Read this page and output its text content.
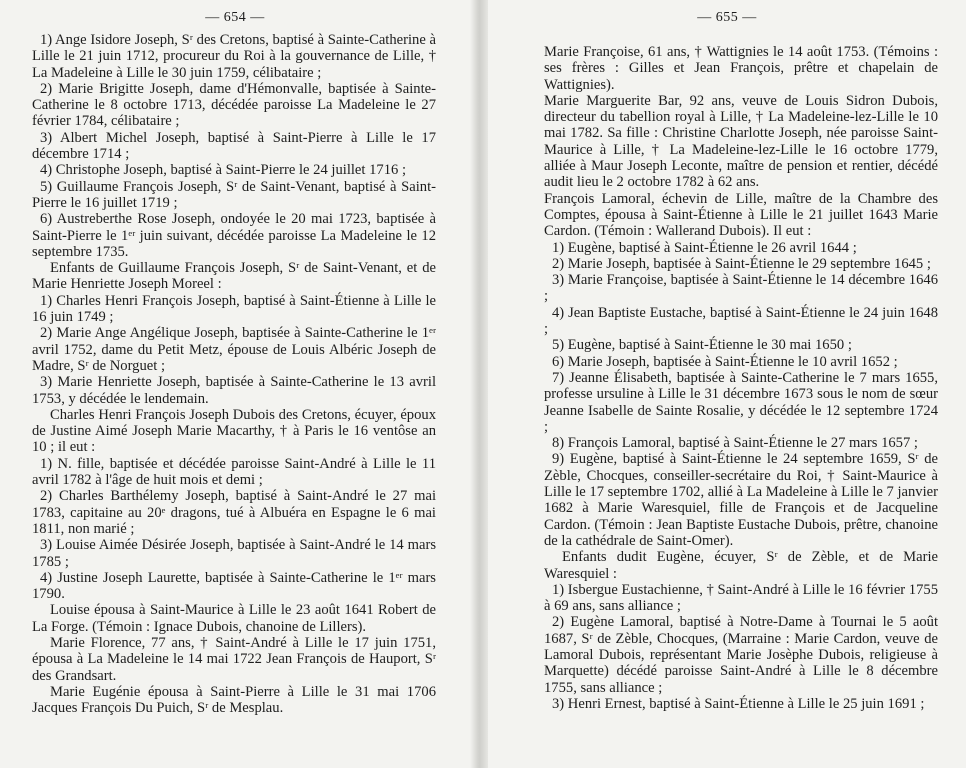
— 654 —

1) Ange Isidore Joseph, Sʳ des Cretons, baptisé à Sainte-Catherine à Lille le 21 juin 1712, procureur du Roi à la gouvernance de Lille, † La Madeleine à Lille le 30 juin 1759, célibataire ;

2) Marie Brigitte Joseph, dame d'Hémonvalle, baptisée à Sainte-Catherine le 8 octobre 1713, décédée paroisse La Madeleine le 27 février 1784, célibataire ;

3) Albert Michel Joseph, baptisé à Saint-Pierre à Lille le 17 décembre 1714 ;

4) Christophe Joseph, baptisé à Saint-Pierre le 24 juillet 1716 ;

5) Guillaume François Joseph, Sʳ de Saint-Venant, baptisé à Saint-Pierre le 16 juillet 1719 ;

6) Austreberthe Rose Joseph, ondoyée le 20 mai 1723, baptisée à Saint-Pierre le 1ᵉʳ juin suivant, décédée paroisse La Madeleine le 12 septembre 1735.

Enfants de Guillaume François Joseph, Sʳ de Saint-Venant, et de Marie Henriette Joseph Moreel :

1) Charles Henri François Joseph, baptisé à Saint-Étienne à Lille le 16 juin 1749 ;

2) Marie Ange Angélique Joseph, baptisée à Sainte-Catherine le 1ᵉʳ avril 1752, dame du Petit Metz, épouse de Louis Albéric Joseph de Madre, Sʳ de Norguet ;

3) Marie Henriette Joseph, baptisée à Sainte-Catherine le 13 avril 1753, y décédée le lendemain.

Charles Henri François Joseph Dubois des Cretons, écuyer, époux de Justine Aimé Joseph Marie Macarthy, † à Paris le 16 ventôse an 10 ; il eut :

1) N. fille, baptisée et décédée paroisse Saint-André à Lille le 11 avril 1782 à l'âge de huit mois et demi ;

2) Charles Barthélemy Joseph, baptisé à Saint-André le 27 mai 1783, capitaine au 20ᵉ dragons, tué à Albuéra en Espagne le 6 mai 1811, non marié ;

3) Louise Aimée Désirée Joseph, baptisée à Saint-André le 14 mars 1785 ;

4) Justine Joseph Laurette, baptisée à Sainte-Catherine le 1ᵉʳ mars 1790.

Louise épousa à Saint-Maurice à Lille le 23 août 1641 Robert de La Forge. (Témoin : Ignace Dubois, chanoine de Lillers).

Marie Florence, 77 ans, † Saint-André à Lille le 17 juin 1751, épousa à La Madeleine le 14 mai 1722 Jean François de Hauport, Sʳ des Grandsart.

Marie Eugénie épousa à Saint-Pierre à Lille le 31 mai 1706 Jacques François Du Puich, Sʳ de Mesplau.

— 655 —

Marie Françoise, 61 ans, † Wattignies le 14 août 1753. (Témoins : ses frères : Gilles et Jean François, prêtre et chapelain de Wattignies).

Marie Marguerite Bar, 92 ans, veuve de Louis Sidron Dubois, directeur du tabellion royal à Lille, † La Madeleine-lez-Lille le 10 mai 1782. Sa fille : Christine Charlotte Joseph, née paroisse Saint-Maurice à Lille, † La Madeleine-lez-Lille le 16 octobre 1779, alliée à Maur Joseph Leconte, maître de pension et rentier, décédé audit lieu le 2 octobre 1782 à 62 ans.

François Lamoral, échevin de Lille, maître de la Chambre des Comptes, épousa à Saint-Étienne à Lille le 21 juillet 1643 Marie Cardon. (Témoin : Wallerand Dubois). Il eut :

1) Eugène, baptisé à Saint-Étienne le 26 avril 1644 ;

2) Marie Joseph, baptisée à Saint-Étienne le 29 septembre 1645 ;

3) Marie Françoise, baptisée à Saint-Étienne le 14 décembre 1646 ;

4) Jean Baptiste Eustache, baptisé à Saint-Étienne le 24 juin 1648 ;

5) Eugène, baptisé à Saint-Étienne le 30 mai 1650 ;

6) Marie Joseph, baptisée à Saint-Étienne le 10 avril 1652 ;

7) Jeanne Élisabeth, baptisée à Sainte-Catherine le 7 mars 1655, professe ursuline à Lille le 31 décembre 1673 sous le nom de sœur Jeanne Isabelle de Sainte Rosalie, y décédée le 12 septembre 1724 ;

8) François Lamoral, baptisé à Saint-Étienne le 27 mars 1657 ;

9) Eugène, baptisé à Saint-Étienne le 24 septembre 1659, Sʳ de Zèble, Chocques, conseiller-secrétaire du Roi, † Saint-Maurice à Lille le 17 septembre 1702, allié à La Madeleine à Lille le 7 janvier 1682 à Marie Waresquiel, fille de François et de Jacqueline Cardon. (Témoin : Jean Baptiste Eustache Dubois, prêtre, chanoine de la cathédrale de Saint-Omer).

Enfants dudit Eugène, écuyer, Sʳ de Zèble, et de Marie Waresquiel :

1) Isbergue Eustachienne, † Saint-André à Lille le 16 février 1755 à 69 ans, sans alliance ;

2) Eugène Lamoral, baptisé à Notre-Dame à Tournai le 5 août 1687, Sʳ de Zèble, Chocques, (Marraine : Marie Cardon, veuve de Lamoral Dubois, représentant Marie Josèphe Dubois, religieuse à Marquette) décédé paroisse Saint-André à Lille le 8 décembre 1755, sans alliance ;

3) Henri Ernest, baptisé à Saint-Étienne à Lille le 25 juin 1691 ;
